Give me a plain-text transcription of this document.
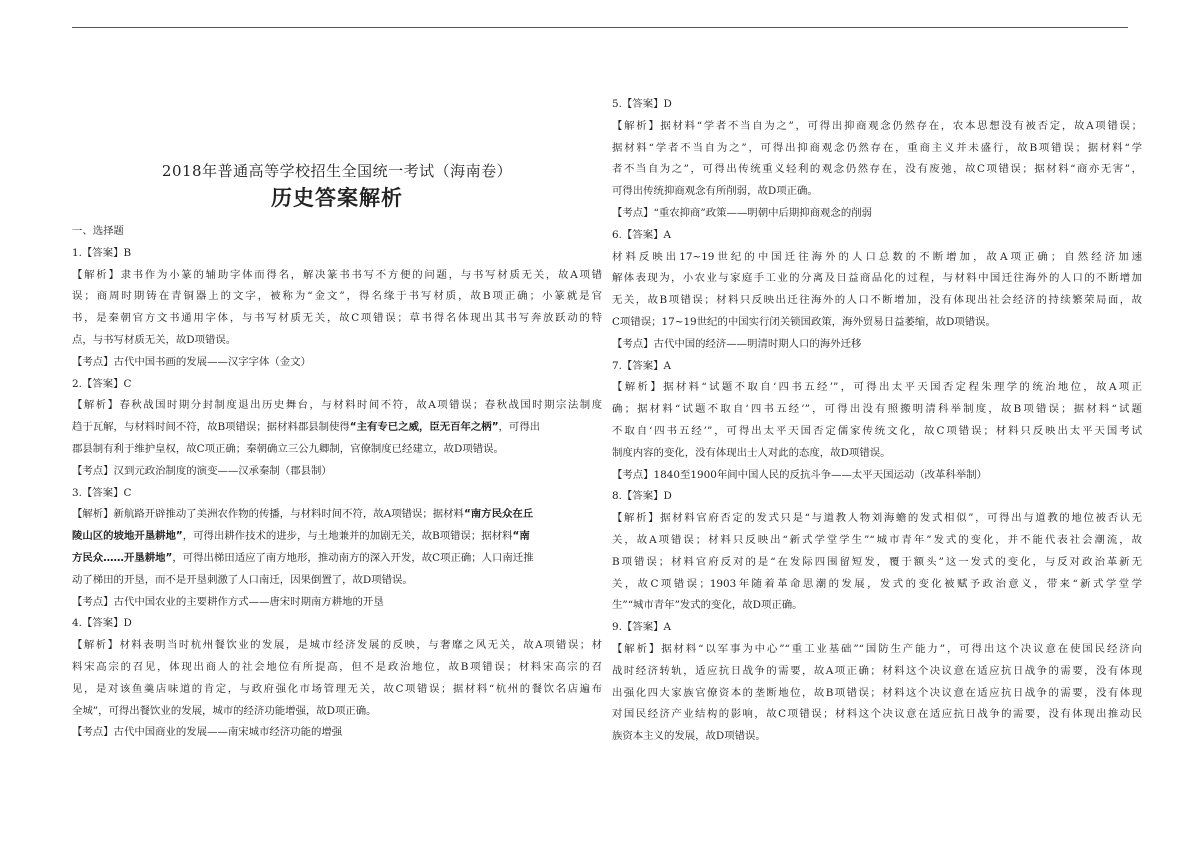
2018年普通高等学校招生全国统一考试（海南卷）
历史答案解析
一、选择题
1.【答案】B
【解析】隶书作为小篆的辅助字体而得名，解决篆书书写不方便的问题，与书写材质无关，故A项错
误；商周时期铸在青铜器上的文字，被称为“金文”，得名缘于书写材质，故B项正确；小篆就是官
书，是秦朝官方文书通用字体，与书写材质无关，故C项错误；草书得名体现出其书写奔放跃动的特
点，与书写材质无关，故D项错误。
【考点】古代中国书画的发展——汉字字体（金文）
2.【答案】C
【解析】春秋战国时期分封制度退出历史舞台，与材料时间不符，故A项错误；春秋战国时期宗法制度
趋于瓦解，与材料时间不符，故B项错误；据材料郡县制使得“主有专已之威，臣无百年之柄”，可得出
郡县制有利于维护皇权，故C项正确；秦朝确立三公九卿制，官僚制度已经建立，故D项错误。
【考点】汉到元政治制度的演变——汉承秦制（郡县制）
3.【答案】C
【解析】新航路开辟推动了美洲农作物的传播，与材料时间不符，故A项错误；据材料“南方民众在丘
陵山区的坡地开垦耕地”，可得出耕作技术的进步，与土地兼并的加剧无关，故B项错误；据材料“南
方民众……开垦耕地”，可得出梯田适应了南方地形，推动南方的深入开发，故C项正确；人口南迁推
动了梯田的开垦，而不是开垦刺激了人口南迁，因果倒置了，故D项错误。
【考点】古代中国农业的主要耕作方式——唐宋时期南方耕地的开垦
4.【答案】D
【解析】材料表明当时杭州餐饮业的发展，是城市经济发展的反映，与奢靡之风无关，故A项错误；材
料宋高宗的召见，体现出商人的社会地位有所提高，但不是政治地位，故B项错误；材料宋高宗的召
见，是对该鱼羹店味道的肯定，与政府强化市场管理无关，故C项错误；据材料“杭州的餐饮名店遍布
全城”，可得出餐饮业的发展，城市的经济功能增强，故D项正确。
【考点】古代中国商业的发展——南宋城市经济功能的增强
5.【答案】D
【解析】据材料“学者不当自为之”，可得出抑商观念仍然存在，农本思想没有被否定，故A项错误；
据材料“学者不当自为之”，可得出抑商观念仍然存在，重商主义并未盛行，故B项错误；据材料“学
者不当自为之”，可得出传统重义轻利的观念仍然存在，没有废弛，故C项错误；据材料“商亦无害”，
可得出传统抑商观念有所削弱，故D项正确。
【考点】“重农抑商”政策——明朝中后期抑商观念的削弱
6.【答案】A
材料反映出17~19世纪的中国迁往海外的人口总数的不断增加，故A项正确；自然经济加速
解体表现为，小农业与家庭手工业的分离及日益商品化的过程，与材料中国迁往海外的人口的不断增加
无关，故B项错误；材料只反映出迁往海外的人口不断增加，没有体现出社会经济的持续繁荣局面，故
C项错误；17~19世纪的中国实行闭关锁国政策，海外贸易日益萎缩，故D项错误。
【考点】古代中国的经济——明清时期人口的海外迁移
7.【答案】A
【解析】据材料“试题不取自‘四书五经’”，可得出太平天国否定程朱理学的统治地位，故A项正
确；据材料“试题不取自‘四书五经’”，可得出没有照搬明清科举制度，故B项错误；据材料“试题
不取自‘四书五经’”，可得出太平天国否定儒家传统文化，故C项错误；材料只反映出太平天国考试
制度内容的变化，没有体现出士人对此的态度，故D项错误。
【考点】1840至1900年间中国人民的反抗斗争——太平天国运动（改革科举制）
8.【答案】D
【解析】据材料官府否定的发式只是“与道教人物刘海蟾的发式相似”，可得出与道教的地位被否认无
关，故A项错误；材料只反映出“新式学堂学生”“城市青年”发式的变化，并不能代表社会潮流，故
B项错误；材料官府反对的是“在发际四围留短发，覆于额头”这一发式的变化，与反对政治革新无
关，故C项错误；1903年随着革命思潮的发展，发式的变化被赋予政治意义，带来“新式学堂学
生”“城市青年”发式的变化，故D项正确。
9.【答案】A
【解析】据材料“以军事为中心”“重工业基础”“国防生产能力”，可得出这个决议意在使国民经济向
战时经济转轨，适应抗日战争的需要，故A项正确；材料这个决议意在适应抗日战争的需要，没有体现
出强化四大家族官僚资本的垄断地位，故B项错误；材料这个决议意在适应抗日战争的需要，没有体现
对国民经济产业结构的影响，故C项错误；材料这个决议意在适应抗日战争的需要，没有体现出推动民
族资本主义的发展，故D项错误。
